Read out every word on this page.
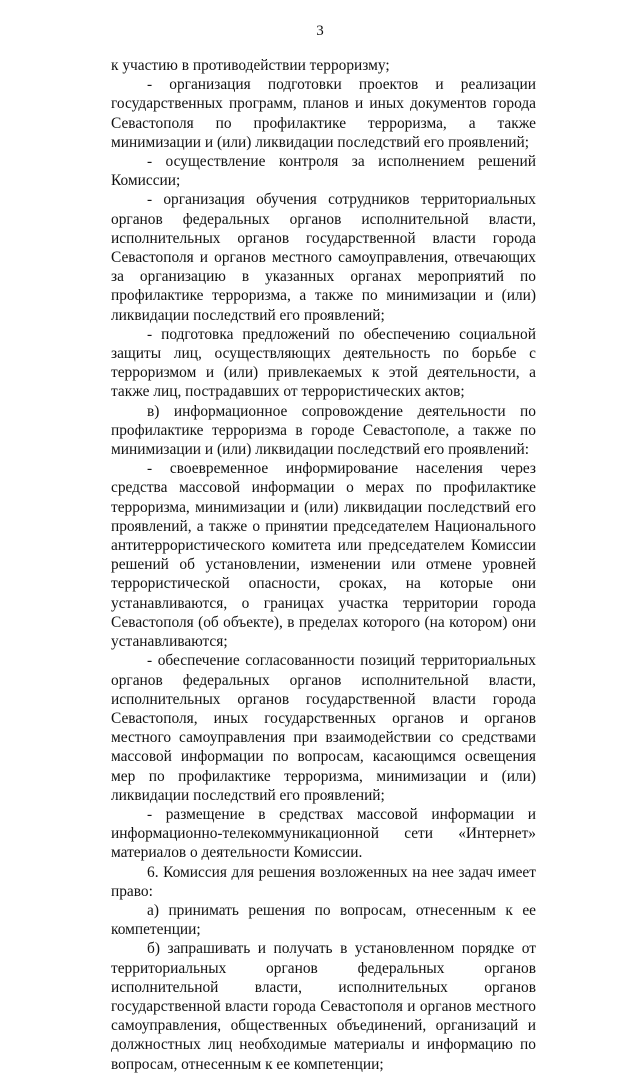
3

к участию в противодействии терроризму;

- организация подготовки проектов и реализации государственных программ, планов и иных документов города Севастополя по профилактике терроризма, а также минимизации и (или) ликвидации последствий его проявлений;

- осуществление контроля за исполнением решений Комиссии;

- организация обучения сотрудников территориальных органов федеральных органов исполнительной власти, исполнительных органов государственной власти города Севастополя и органов местного самоуправления, отвечающих за организацию в указанных органах мероприятий по профилактике терроризма, а также по минимизации и (или) ликвидации последствий его проявлений;

- подготовка предложений по обеспечению социальной защиты лиц, осуществляющих деятельность по борьбе с терроризмом и (или) привлекаемых к этой деятельности, а также лиц, пострадавших от террористических актов;

в) информационное сопровождение деятельности по профилактике терроризма в городе Севастополе, а также по минимизации и (или) ликвидации последствий его проявлений:

- своевременное информирование населения через средства массовой информации о мерах по профилактике терроризма, минимизации и (или) ликвидации последствий его проявлений, а также о принятии председателем Национального антитеррористического комитета или председателем Комиссии решений об установлении, изменении или отмене уровней террористической опасности, сроках, на которые они устанавливаются, о границах участка территории города Севастополя (об объекте), в пределах которого (на котором) они устанавливаются;

- обеспечение согласованности позиций территориальных органов федеральных органов исполнительной власти, исполнительных органов государственной власти города Севастополя, иных государственных органов и органов местного самоуправления при взаимодействии со средствами массовой информации по вопросам, касающимся освещения мер по профилактике терроризма, минимизации и (или) ликвидации последствий его проявлений;

- размещение в средствах массовой информации и информационно-телекоммуникационной сети «Интернет» материалов о деятельности Комиссии.

6. Комиссия для решения возложенных на нее задач имеет право:

а) принимать решения по вопросам, отнесенным к ее компетенции;

б) запрашивать и получать в установленном порядке от территориальных органов федеральных органов исполнительной власти, исполнительных органов государственной власти города Севастополя и органов местного самоуправления, общественных объединений, организаций и должностных лиц необходимые материалы и информацию по вопросам, отнесенным к ее компетенции;
